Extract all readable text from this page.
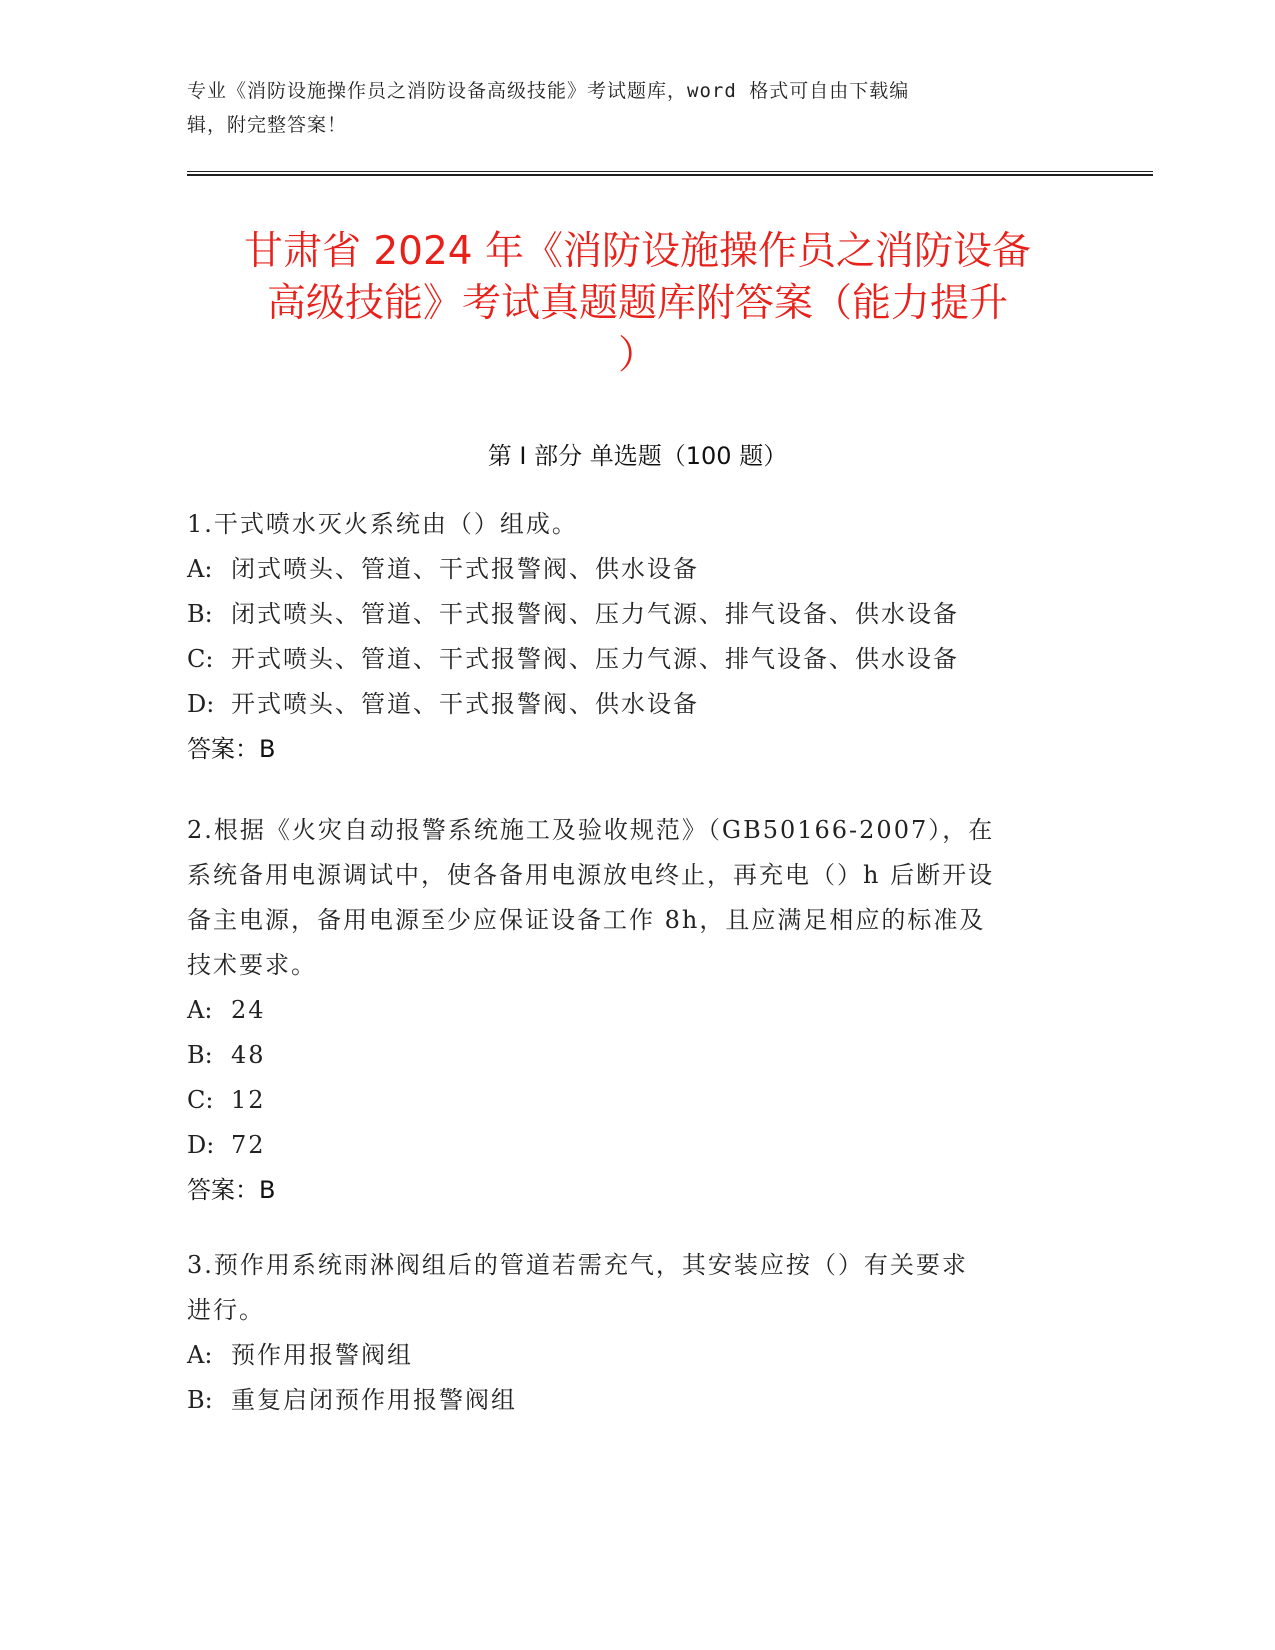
专业《消防设施操作员之消防设备高级技能》考试题库，word 格式可自由下载编
辑，附完整答案！
甘肃省 2024 年《消防设施操作员之消防设备
高级技能》考试真题题库附答案（能力提升
）
第 I 部分 单选题（100 题）
1.干式喷水灭火系统由（）组成。
A: 闭式喷头、管道、干式报警阀、供水设备
B: 闭式喷头、管道、干式报警阀、压力气源、排气设备、供水设备
C: 开式喷头、管道、干式报警阀、压力气源、排气设备、供水设备
D: 开式喷头、管道、干式报警阀、供水设备
答案：B
2.根据《火灾自动报警系统施工及验收规范》（GB50166-2007），在
系统备用电源调试中，使各备用电源放电终止，再充电（）h 后断开设
备主电源，备用电源至少应保证设备工作 8h，且应满足相应的标准及
技术要求。
A: 24
B: 48
C: 12
D: 72
答案：B
3.预作用系统雨淋阀组后的管道若需充气，其安装应按（）有关要求
进行。
A: 预作用报警阀组
B: 重复启闭预作用报警阀组
